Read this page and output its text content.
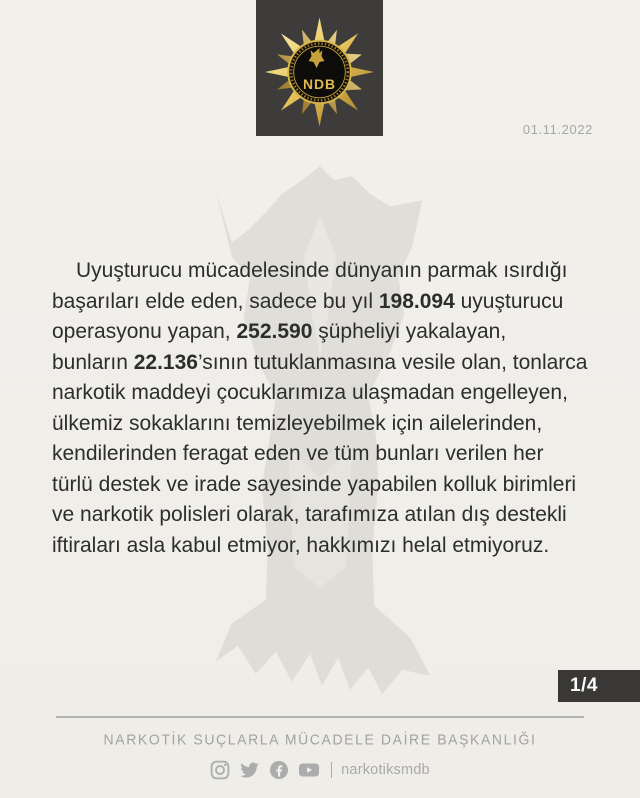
NDB
01.11.2022
Uyuşturucu mücadelesinde dünyanın parmak ısırdığı
başarıları elde eden, sadece bu yıl 198.094 uyuşturucu
operasyonu yapan, 252.590 şüpheliyi yakalayan,
bunların 22.136’sının tutuklanmasına vesile olan, tonlarca
narkotik maddeyi çocuklarımıza ulaşmadan engelleyen,
ülkemiz sokaklarını temizleyebilmek için ailelerinden,
kendilerinden feragat eden ve tüm bunları verilen her
türlü destek ve irade sayesinde yapabilen kolluk birimleri
ve narkotik polisleri olarak, tarafımıza atılan dış destekli
iftiraları asla kabul etmiyor, hakkımızı helal etmiyoruz.
1/4
NARKOTİK SUÇLARLA MÜCADELE DAİRE BAŞKANLIĞI
narkotiksmdb
